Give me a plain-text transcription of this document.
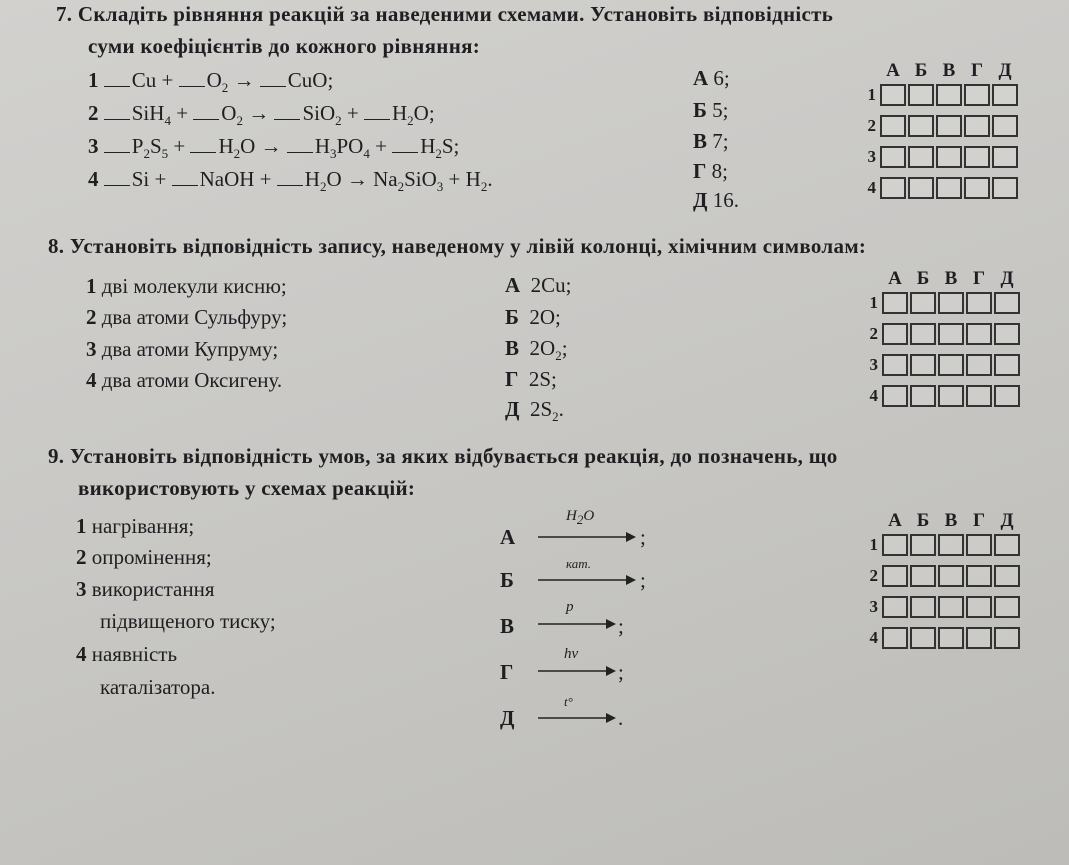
7. Складіть рівняння реакцій за наведеними схемами. Установіть відповідність
суми коефіцієнтів до кожного рівняння:
1 $Cu + O_2$ → CuO;
2 $SiH_4 + O_2 \to SiO_2 + H_2O$;
3 $P_2S_5 + H_2O \to H_3PO_4 + H_2S$;
4 Si + NaOH + $H_2O \to Na_2SiO_3 + H_2$.
А 6;
Б 5;
В 7;
Г 8;
Д 16.
А Б В Г Д
1
2
3
4
8. Установіть відповідність запису, наведеному у лівій колонці, хімічним символам:
1 дві молекули кисню;
2 два атоми Сульфуру;
3 два атоми Купруму;
4 два атоми Оксигену.
А 2Cu;
Б 2O;
В $2O_2$;
Г 2S;
Д $2S_2$.
А Б В Г Д
1
2
3
4
9. Установіть відповідність умов, за яких відбувається реакція, до позначень, що
використовують у схемах реакцій:
1 нагрівання;
2 опромінення;
3 використання
підвищеного тиску;
4 наявність
каталізатора.
А
$H_2O$
;
Б
кат.
;
В
p
;
Г
hν
;
Д
t°
.
А Б В Г Д
1
2
3
4
